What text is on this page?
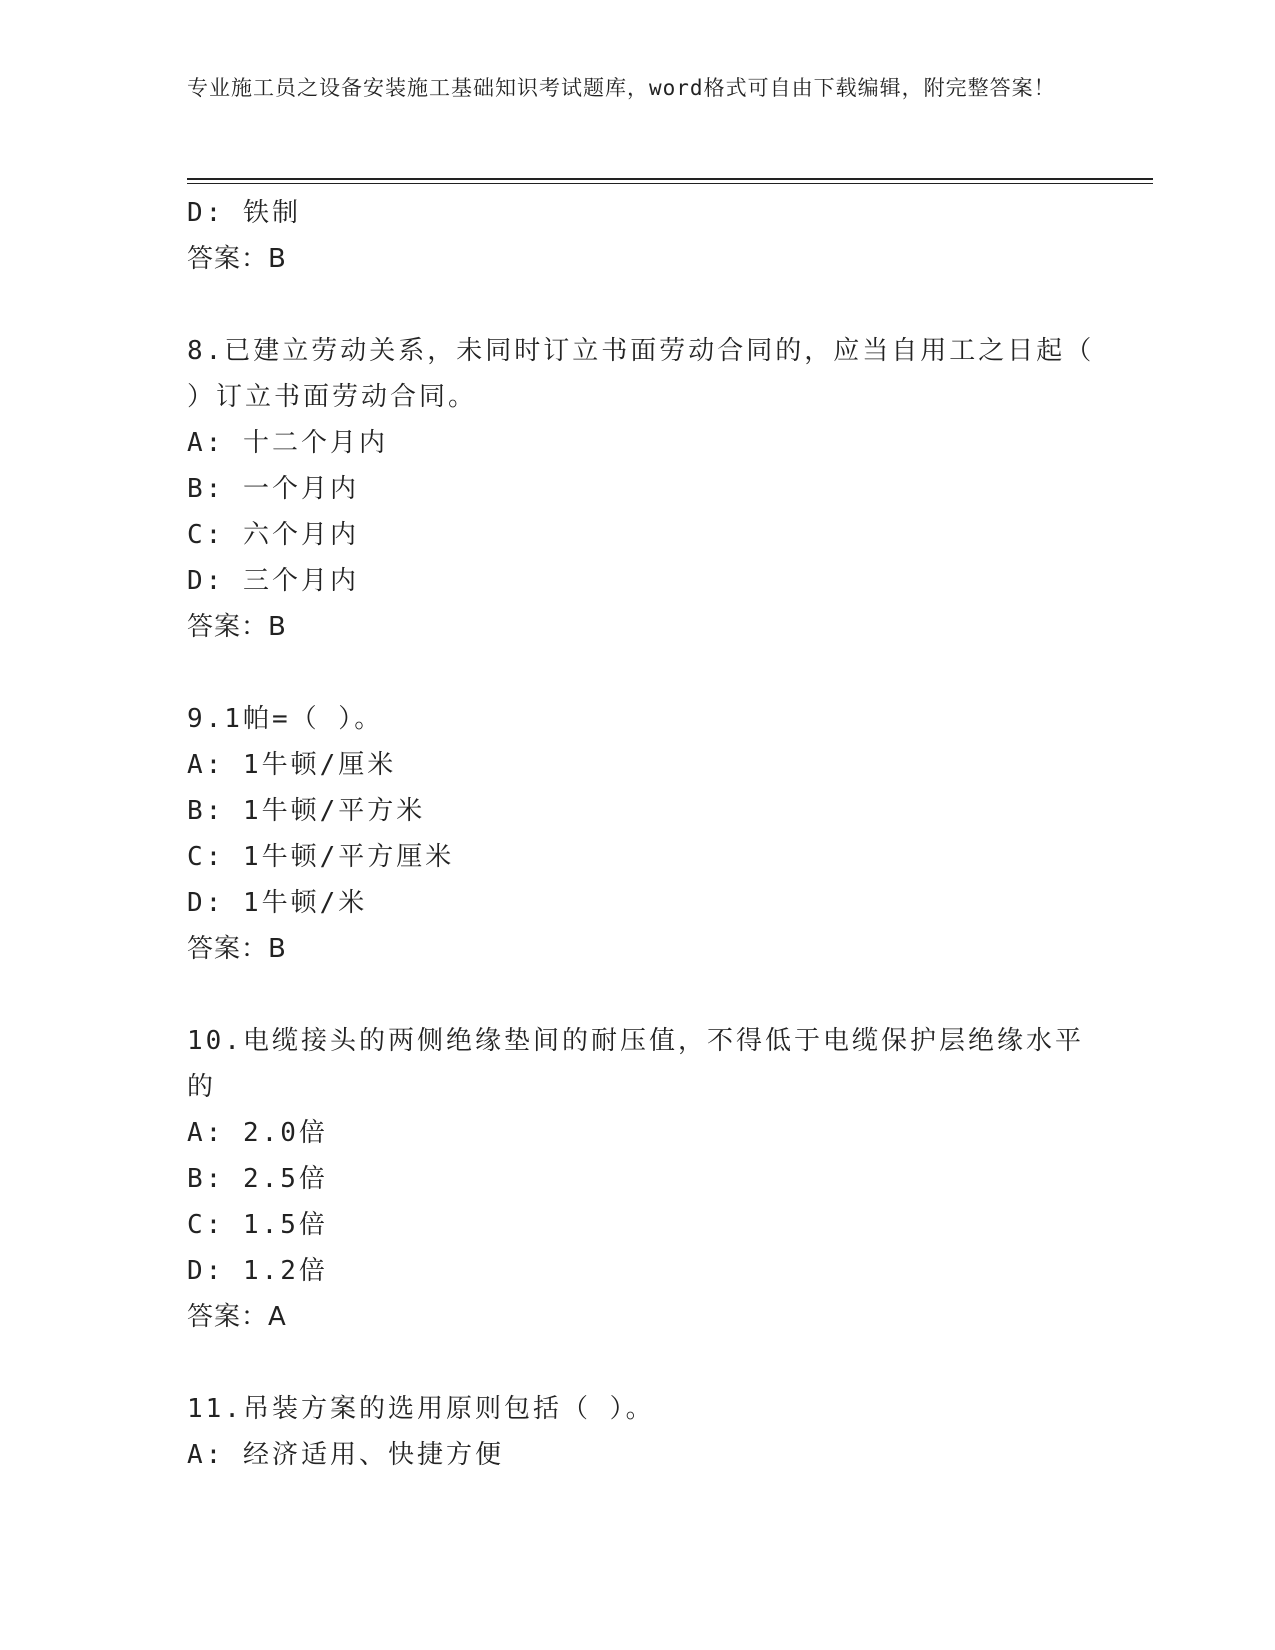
专业施工员之设备安装施工基础知识考试题库，word格式可自由下载编辑，附完整答案！
D: 铁制
答案：B
8.已建立劳动关系，未同时订立书面劳动合同的，应当自用工之日起（ ）订立书面劳动合同。
A: 十二个月内
B: 一个月内
C: 六个月内
D: 三个月内
答案：B
9.1帕=（ ）。
A: 1牛顿/厘米
B: 1牛顿/平方米
C: 1牛顿/平方厘米
D: 1牛顿/米
答案：B
10.电缆接头的两侧绝缘垫间的耐压值，不得低于电缆保护层绝缘水平的
A: 2.0倍
B: 2.5倍
C: 1.5倍
D: 1.2倍
答案：A
11.吊装方案的选用原则包括（ ）。
A: 经济适用、快捷方便
